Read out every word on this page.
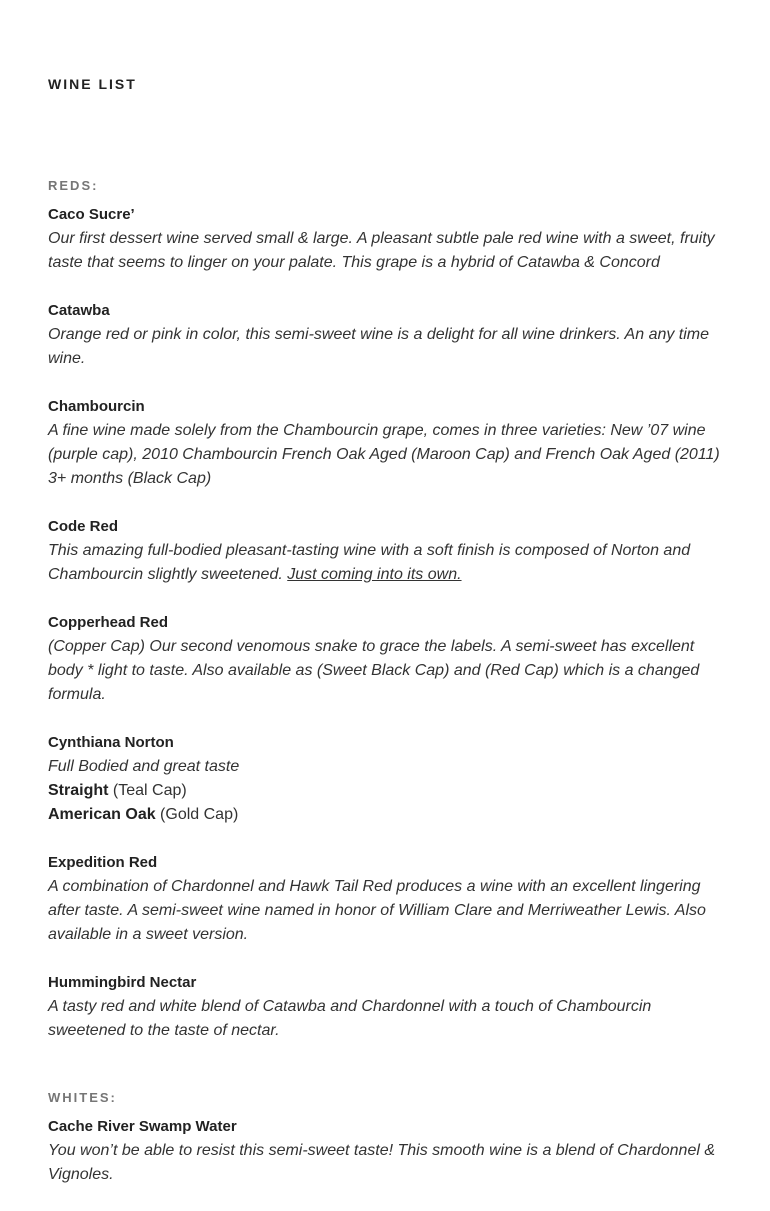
WINE LIST
REDS:

Caco Sucre’

Our first dessert wine served small & large. A pleasant subtle pale red wine with a sweet, fruity taste that seems to linger on your palate. This grape is a hybrid of Catawba & Concord

Catawba

Orange red or pink in color, this semi-sweet wine is a delight for all wine drinkers. An any time wine.

Chambourcin

A fine wine made solely from the Chambourcin grape, comes in three varieties: New ’07 wine (purple cap), 2010 Chambourcin French Oak Aged (Maroon Cap) and French Oak Aged (2011) 3+ months (Black Cap)

Code Red

This amazing full-bodied pleasant-tasting wine with a soft finish is composed of Norton and Chambourcin slightly sweetened. Just coming into its own.

Copperhead Red

(Copper Cap) Our second venomous snake to grace the labels. A semi-sweet has excellent body * light to taste. Also available as (Sweet Black Cap) and (Red Cap) which is a changed formula.

Cynthiana Norton

Full Bodied and great taste

Straight (Teal Cap)

American Oak (Gold Cap)

Expedition Red

A combination of Chardonnel and Hawk Tail Red produces a wine with an excellent lingering after taste. A semi-sweet wine named in honor of William Clare and Merriweather Lewis. Also available in a sweet version.

Hummingbird Nectar

A tasty red and white blend of Catawba and Chardonnel with a touch of Chambourcin sweetened to the taste of nectar.

WHITES:

Cache River Swamp Water

You won’t be able to resist this semi-sweet taste! This smooth wine is a blend of Chardonnel & Vignoles.
